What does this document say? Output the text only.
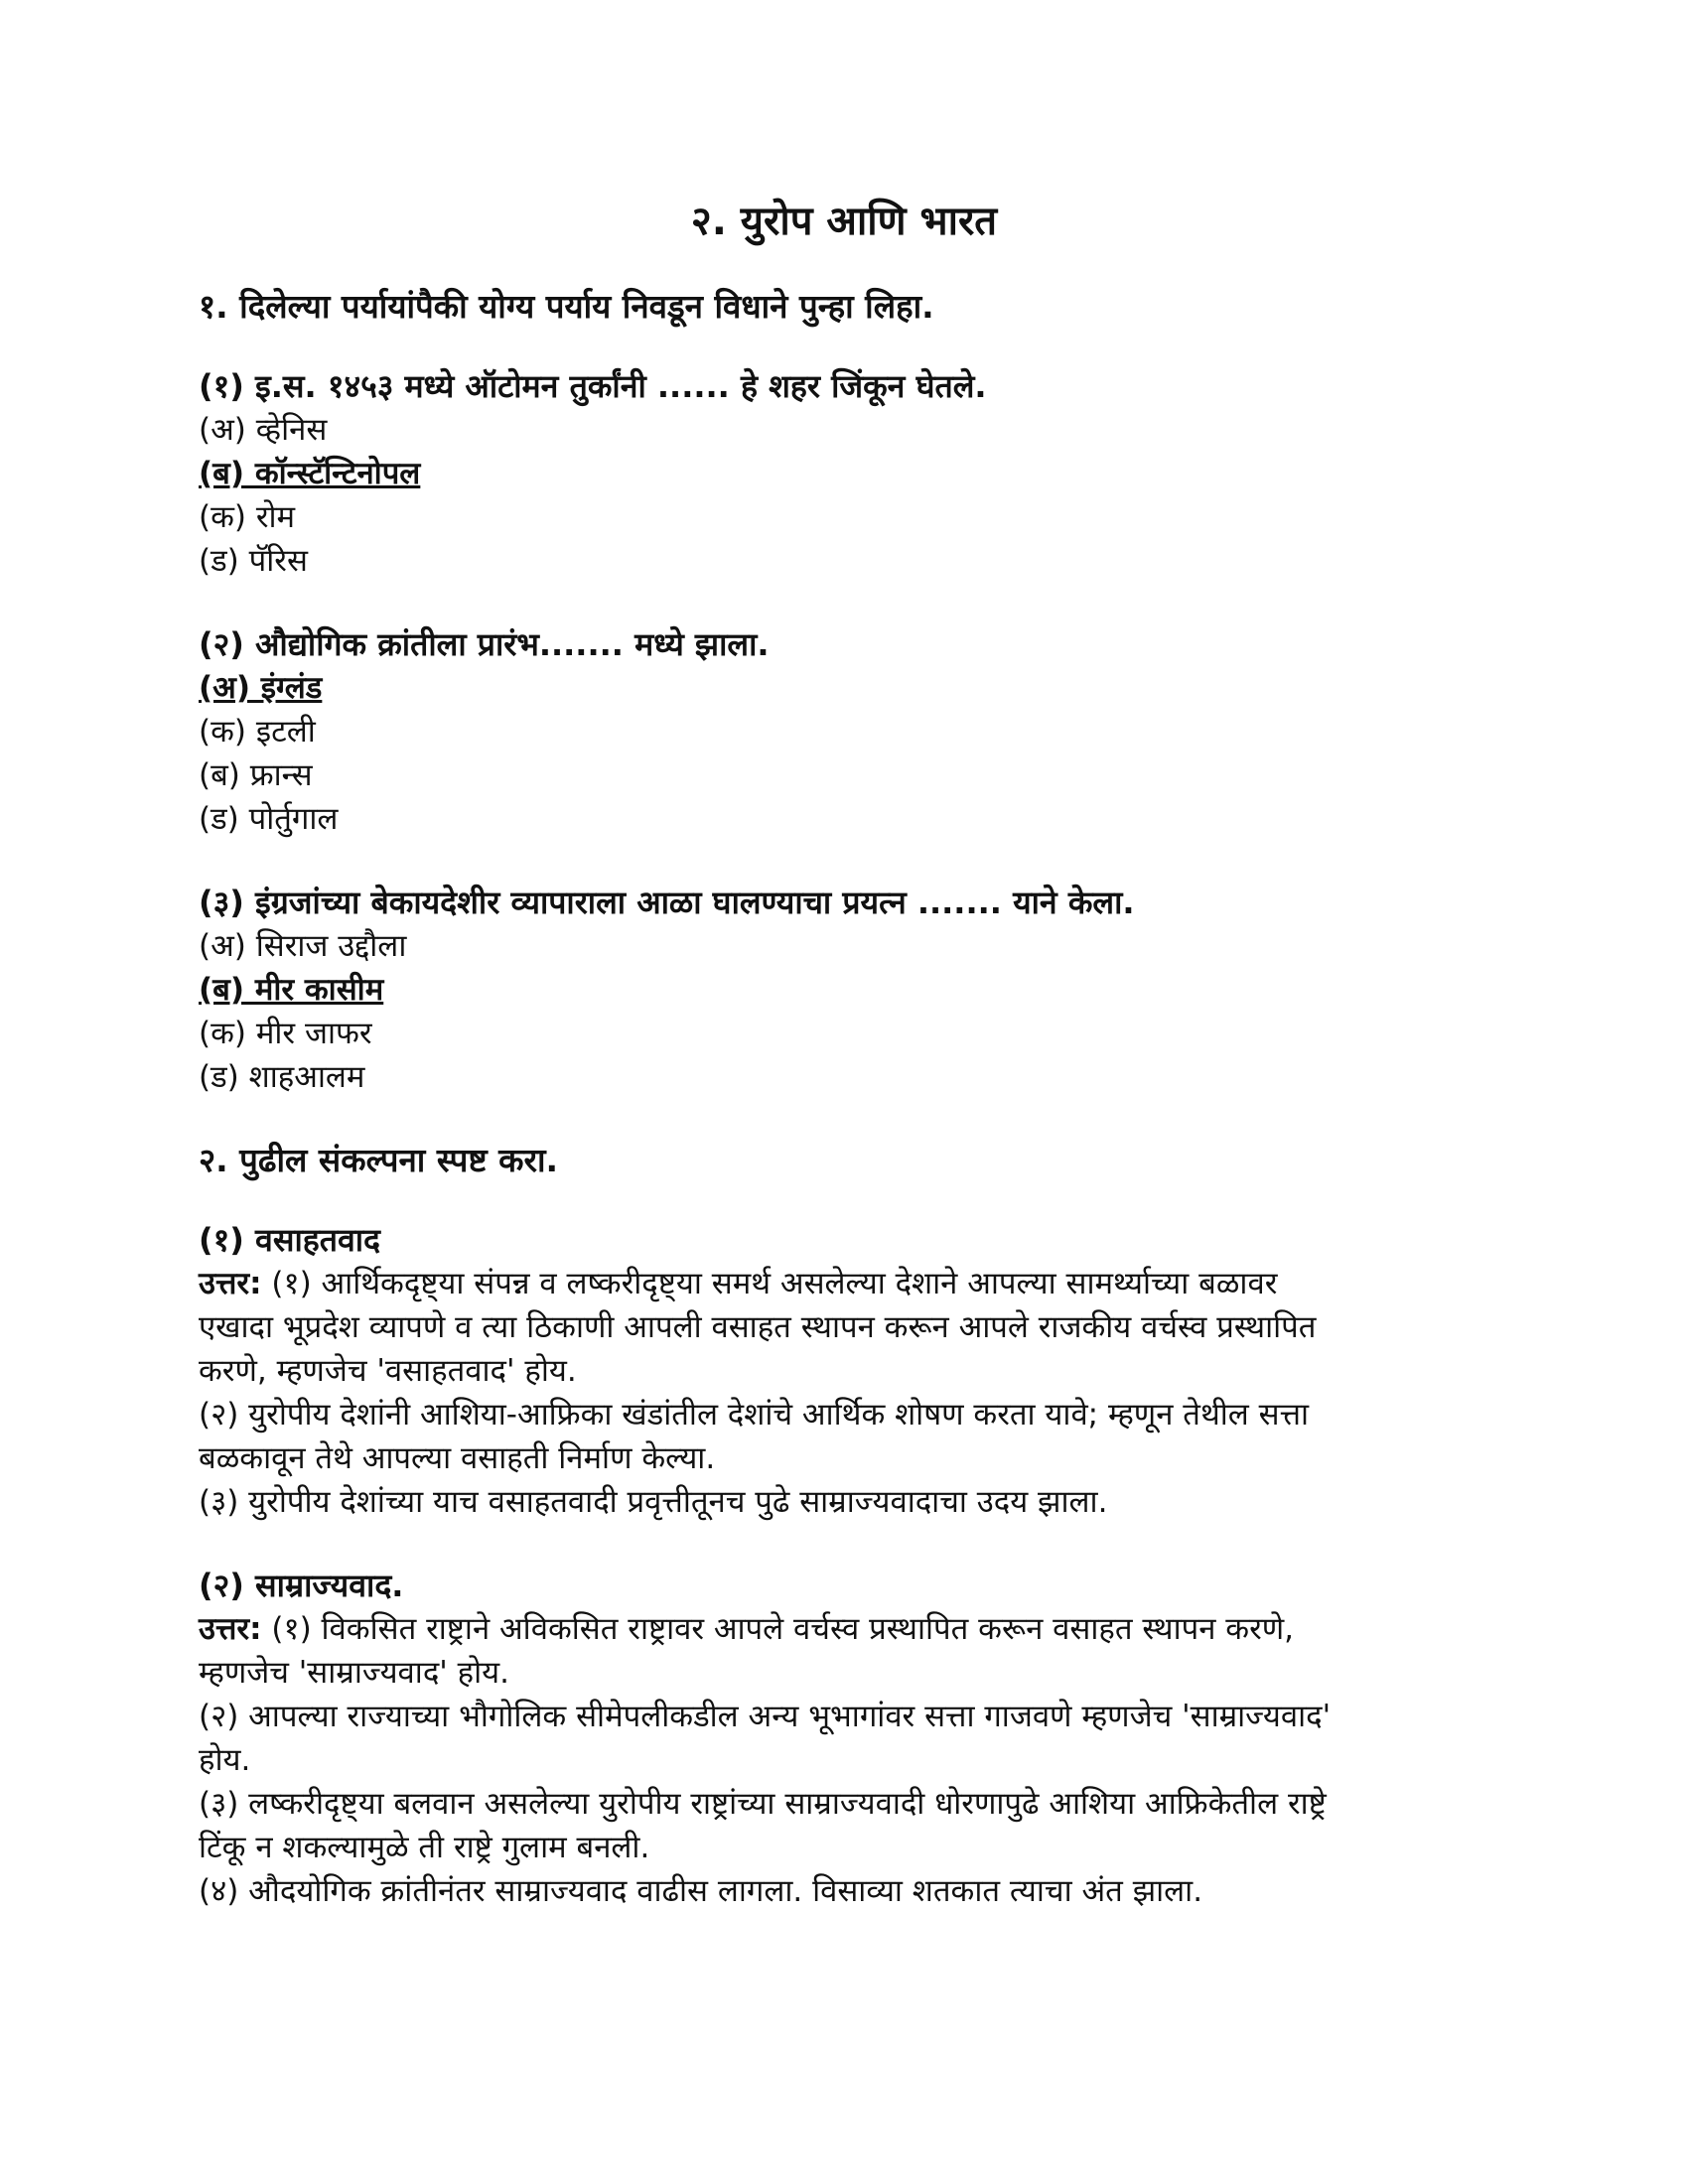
२. युरोप आणि भारत

१. दिलेल्या पर्यायांपैकी योग्य पर्याय निवडून विधाने पुन्हा लिहा.

(१) इ.स. १४५३ मध्ये ऑटोमन तुर्कांनी ...... हे शहर जिंकून घेतले.

(अ) व्हेनिस

(ब) कॉन्स्टॅन्टिनोपल

(क) रोम

(ड) पॅरिस

(२) औद्योगिक क्रांतीला प्रारंभ....... मध्ये झाला.

(अ) इंग्लंड

(क) इटली

(ब) फ्रान्स

(ड) पोर्तुगाल

(३) इंग्रजांच्या बेकायदेशीर व्यापाराला आळा घालण्याचा प्रयत्न ....... याने केला.

(अ) सिराज उद्दौला

(ब) मीर कासीम

(क) मीर जाफर

(ड) शाहआलम

२. पुढील संकल्पना स्पष्ट करा.

(१) वसाहतवाद

उत्तर: (१) आर्थिकदृष्ट्या संपन्न व लष्करीदृष्ट्या समर्थ असलेल्या देशाने आपल्या सामर्थ्याच्या बळावर

एखादा भूप्रदेश व्यापणे व त्या ठिकाणी आपली वसाहत स्थापन करून आपले राजकीय वर्चस्व प्रस्थापित

करणे, म्हणजेच 'वसाहतवाद' होय.

(२) युरोपीय देशांनी आशिया-आफ्रिका खंडांतील देशांचे आर्थिक शोषण करता यावे; म्हणून तेथील सत्ता

बळकावून तेथे आपल्या वसाहती निर्माण केल्या.

(३) युरोपीय देशांच्या याच वसाहतवादी प्रवृत्तीतूनच पुढे साम्राज्यवादाचा उदय झाला.

(२) साम्राज्यवाद.

उत्तर: (१) विकसित राष्ट्राने अविकसित राष्ट्रावर आपले वर्चस्व प्रस्थापित करून वसाहत स्थापन करणे,

म्हणजेच 'साम्राज्यवाद' होय.

(२) आपल्या राज्याच्या भौगोलिक सीमेपलीकडील अन्य भूभागांवर सत्ता गाजवणे म्हणजेच 'साम्राज्यवाद'

होय.

(३) लष्करीदृष्ट्या बलवान असलेल्या युरोपीय राष्ट्रांच्या साम्राज्यवादी धोरणापुढे आशिया आफ्रिकेतील राष्ट्रे

टिंकू न शकल्यामुळे ती राष्ट्रे गुलाम बनली.

(४) औदयोगिक क्रांतीनंतर साम्राज्यवाद वाढीस लागला. विसाव्या शतकात त्याचा अंत झाला.
